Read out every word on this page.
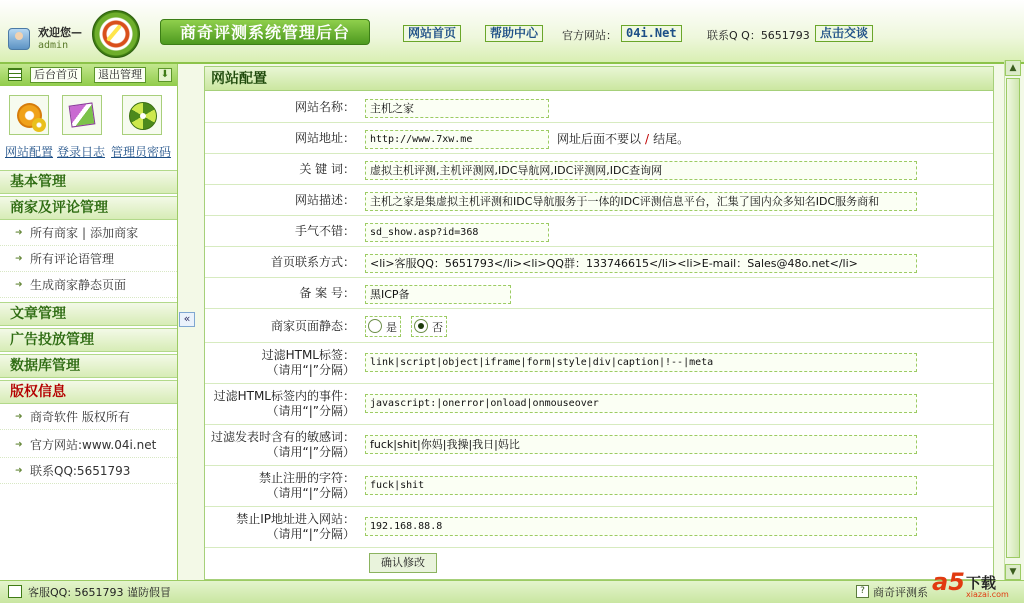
欢迎您—
admin
商奇评测系统管理后台	网站首页	帮助中心	官方网站： 04i.Net	联系Q Q：5651793 点击交谈
后台首页	退出管理	⬇
网站配置 登录日志 管理员密码
基本管理
商家及评论管理
➜ 所有商家 | 添加商家
➜ 所有评论语管理
➜ 生成商家静态页面
文章管理
广告投放管理
数据库管理
版权信息
➜ 商奇软件 版权所有
➜ 官方网站:www.04i.net
➜ 联系QQ:5651793
«
网站配置
网站名称：	主机之家
网站地址：	http://www.7xw.me	网址后面不要以 / 结尾。
关 键 词：	虚拟主机评测,主机评测网,IDC导航网,IDC评测网,IDC查询网
网站描述：	主机之家是集虚拟主机评测和IDC导航服务于一体的IDC评测信息平台，汇集了国内众多知名IDC服务商和
手气不错：	sd_show.asp?id=368
首页联系方式：	<li>客服QQ：5651793</li><li>QQ群：133746615</li><li>E-mail：Sales@48o.net</li>
备 案 号：	黑ICP备
商家页面静态：	是	否
过滤HTML标签：
（请用“|”分隔）
link|script|object|iframe|form|style|div|caption|!--|meta
过滤HTML标签内的事件：
（请用“|”分隔）
javascript:|onerror|onload|onmouseover
过滤发表时含有的敏感词：
（请用“|”分隔）
fuck|shit|你妈|我操|我日|妈比
禁止注册的字符：
（请用“|”分隔）
fuck|shit
禁止IP地址进入网站：
（请用“|”分隔）
192.168.88.8
确认修改
▲
▼
客服QQ: 5651793 谨防假冒	? 商奇评测系 a5 下载
xiazai.com
